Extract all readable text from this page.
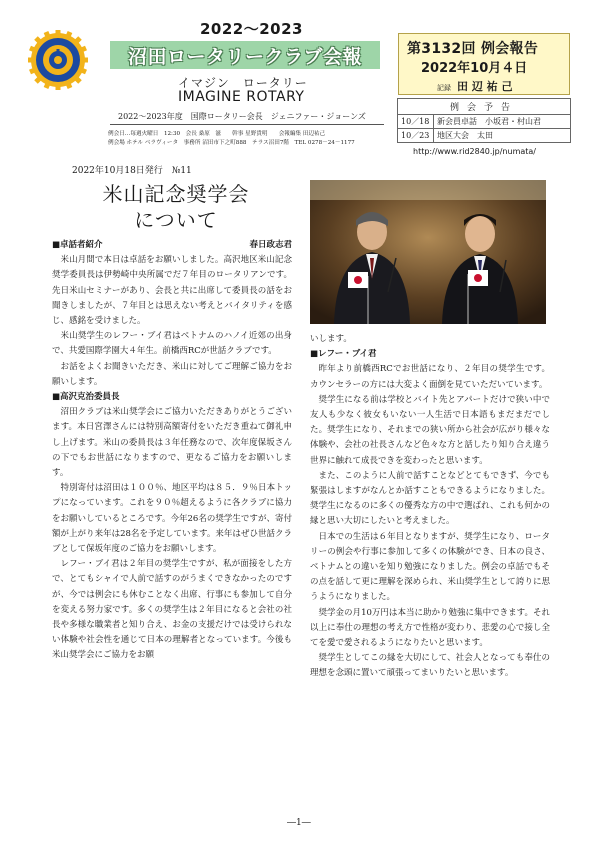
2022～2023
沼田ロータリークラブ会報
イマジン　ロータリー
IMAGINE ROTARY
2022～2023年度　国際ロータリー会長　ジェニファー・ジョーンズ
例会日…毎週火曜日　12:30　会長 桑原　滋　　幹事 星野貴明　　会報編集 田辺祐己
例会場 ホテル ベラヴィータ　事務所 沼田市下之町888　テラス沼田7階　TEL 0278－24－1177
第3132回 例会報告
2022年10月４日
記録 田 辺 祐 己
例会予告	
10／18	新会員卓話　小坂君・村山君
10／23	地区大会　太田
http://www.rid2840.jp/numata/
2022年10月18日発行　№11
米山記念奨学会
について
■卓話者紹介	春日政志君

米山月間で本日は卓話をお願いしました。高沢地区米山記念奨学委員長は伊勢崎中央所属でだ７年目のロータリアンです。先日米山セミナーがあり、会長と共に出席して委員長の話をお聞きしましたが、７年目とは思えない考えとバイタリティを感じ、感銘を受けました。

米山奨学生のレフー・ブイ君はベトナムのハノイ近郊の出身で、共愛国際学園大４年生。前橋西RCが世話クラブです。

お話をよくお聞きいただき、米山に対してご理解ご協力をお願いします。

■高沢克治委員長

沼田クラブは米山奨学会にご協力いただきありがとうございます。本日宮澤さんには特別高額寄付をいただき重ねて御礼申し上げます。米山の委員長は３年任務なので、次年度保坂さんの下でもお世話になりますので、更なるご協力をお願いします。

特別寄付は沼田は１００％、地区平均は８５．９％日本トップになっています。これを９０％超えるように各クラブに協力をお願いしているところです。今年26名の奨学生ですが、寄付額が上がり来年は28名を予定しています。来年はぜひ世話クラブとして保坂年度のご協力をお願いします。

レフー・ブイ君は２年目の奨学生ですが、私が面接をした方で、とてもシャイで人前で話すのがうまくできなかったのですが、今では例会にも休むことなく出席、行事にも参加して自分を変える努力家です。多くの奨学生は２年目になると会社の社長や多様な職業者と知り合え、お金の支援だけでは受けられない体験や社会性を通じて日本の理解者となっています。今後も米山奨学会にご協力をお願

いします。

■レフー・ブイ君

昨年より前橋西RCでお世話になり、２年目の奨学生です。カウンセラーの方には大変よく面倒を見ていただいています。

奨学生になる前は学校とバイト先とアパートだけで狭い中で友人も少なく彼女もいない一人生活で日本語もまだまだでした。奨学生になり、それまでの狭い所から社会が広がり様々な体験や、会社の社長さんなど色々な方と話したり知り合え違う世界に触れて成長できを変わったと思います。

また、このように人前で話すことなどとてもできず、今でも緊張はしますがなんとか話すこともできるようになりました。奨学生になるのに多くの優秀な方の中で選ばれ、これも何かの縁と思い大切にしたいと考えました。

日本での生活は６年目となりますが、奨学生になり、ロータリーの例会や行事に参加して多くの体験ができ、日本の良さ、ベトナムとの違いを知り勉強になりました。例会の卓話でもその点を話して更に理解を深められ、米山奨学生として誇りに思うようになりました。

奨学金の月10万円は本当に助かり勉強に集中できます。それ以上に奉仕の理想の考え方で性格が変わり、悲愛の心で接し全てを愛で愛されるようになりたいと思います。

奨学生としてこの縁を大切にして、社会人となっても奉仕の理想を念頭に置いて頑張ってまいりたいと思います。

―1―
